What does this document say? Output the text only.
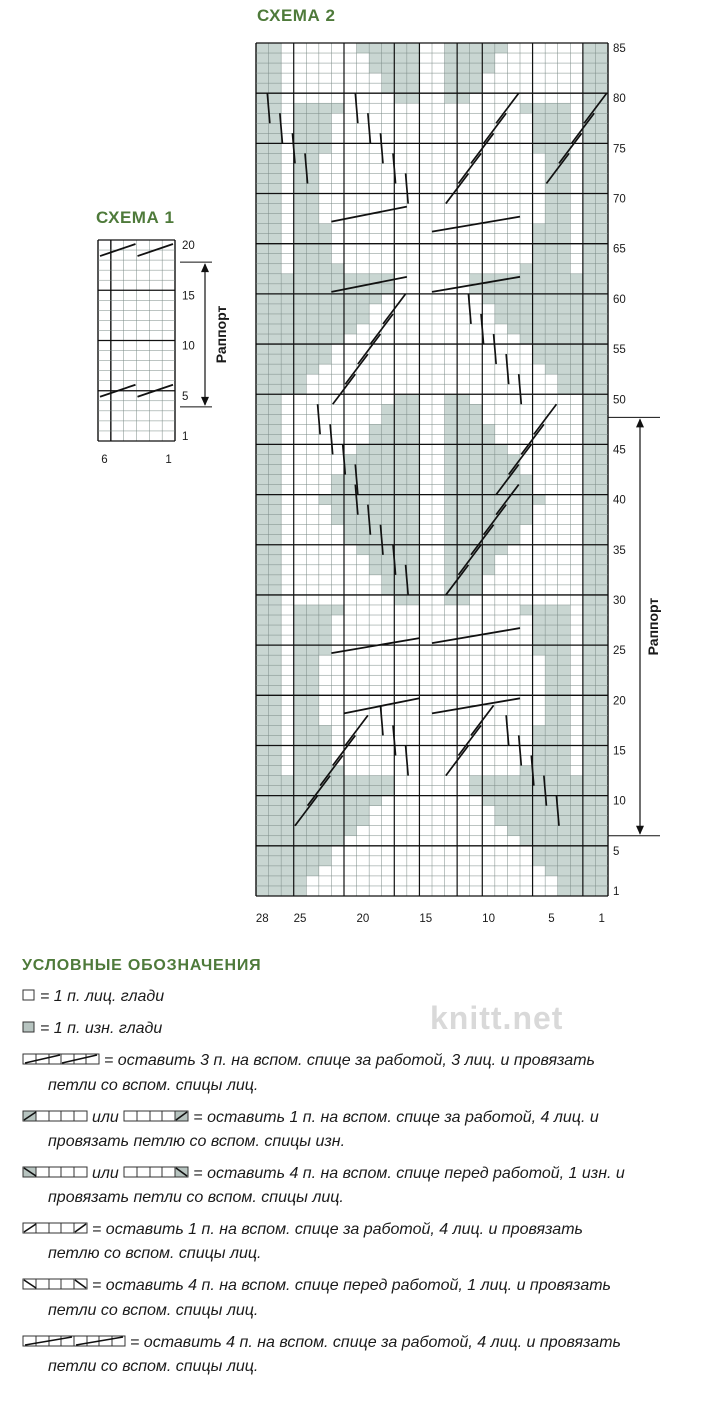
СХЕМА 2
СХЕМА 1
85
80
75
70
65
60
55
50
45
40
35
30
25
20
15
10
5
1
28 25	20	15	10	5	1
Раппорт
20
15
10
5
1
6	1
Раппорт
УСЛОВНЫЕ ОБОЗНАЧЕНИЯ
= 1 п. лиц. глади
= 1 п. изн. глади
= оставить 3 п. на вспом. спице за работой, 3 лиц. и провязать
петли со вспом. спицы лиц.
или	= оставить 1 п. на вспом. спице за работой, 4 лиц. и
провязать петлю со вспом. спицы изн.
или	= оставить 4 п. на вспом. спице перед работой, 1 изн. и
провязать петли со вспом. спицы лиц.
= оставить 1 п. на вспом. спице за работой, 4 лиц. и провязать
петлю со вспом. спицы лиц.
= оставить 4 п. на вспом. спице перед работой, 1 лиц. и провязать
петли со вспом. спицы лиц.
= оставить 4 п. на вспом. спице за работой, 4 лиц. и провязать
петли со вспом. спицы лиц.
knitt.net
